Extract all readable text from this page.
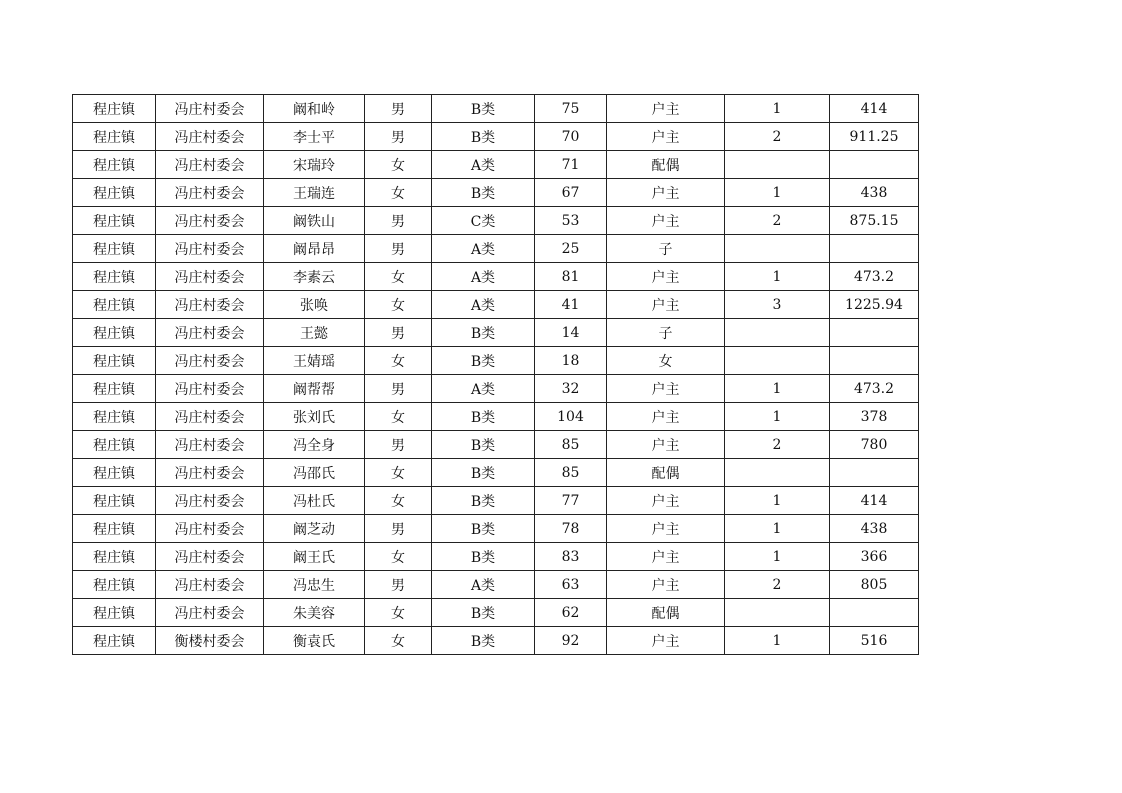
程庄镇	冯庄村委会	阚和岭	男	B类	75	户主	1	414
程庄镇	冯庄村委会	李士平	男	B类	70	户主	2	911.25
程庄镇	冯庄村委会	宋瑞玲	女	A类	71	配偶		
程庄镇	冯庄村委会	王瑞连	女	B类	67	户主	1	438
程庄镇	冯庄村委会	阚铁山	男	C类	53	户主	2	875.15
程庄镇	冯庄村委会	阚昂昂	男	A类	25	子		
程庄镇	冯庄村委会	李素云	女	A类	81	户主	1	473.2
程庄镇	冯庄村委会	张唤	女	A类	41	户主	3	1225.94
程庄镇	冯庄村委会	王懿	男	B类	14	子		
程庄镇	冯庄村委会	王婧瑶	女	B类	18	女		
程庄镇	冯庄村委会	阚帮帮	男	A类	32	户主	1	473.2
程庄镇	冯庄村委会	张刘氏	女	B类	104	户主	1	378
程庄镇	冯庄村委会	冯全身	男	B类	85	户主	2	780
程庄镇	冯庄村委会	冯邵氏	女	B类	85	配偶		
程庄镇	冯庄村委会	冯杜氏	女	B类	77	户主	1	414
程庄镇	冯庄村委会	阚芝动	男	B类	78	户主	1	438
程庄镇	冯庄村委会	阚王氏	女	B类	83	户主	1	366
程庄镇	冯庄村委会	冯忠生	男	A类	63	户主	2	805
程庄镇	冯庄村委会	朱美容	女	B类	62	配偶		
程庄镇	衡楼村委会	衡袁氏	女	B类	92	户主	1	516
